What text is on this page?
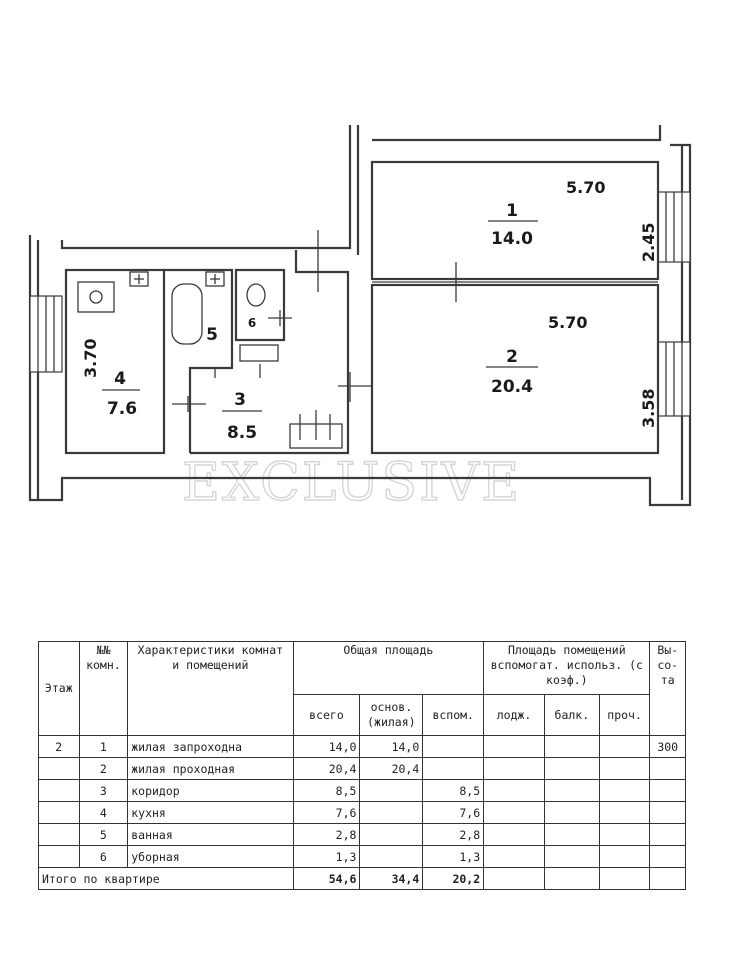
EXCLUSIVE
1
14.0
2
20.4
3
8.5
4
7.6
5
6
5.70
2.45
5.70
3.58
3.70
Этаж	№№ комн.	Характеристики комнат и помещений	Общая площадь			Площадь помещений вспомогат. использ. (с коэф.)			Вы-со-та
			всего	основ. (жилая)	вспом.	лодж.	балк.	проч.	
2	1	жилая запроходна	14,0	14,0					300
	2	жилая проходная	20,4	20,4					
	3	коридор	8,5		8,5				
	4	кухня	7,6		7,6				
	5	ванная	2,8		2,8				
	6	уборная	1,3		1,3				
Итого по квартире			54,6	34,4	20,2				
